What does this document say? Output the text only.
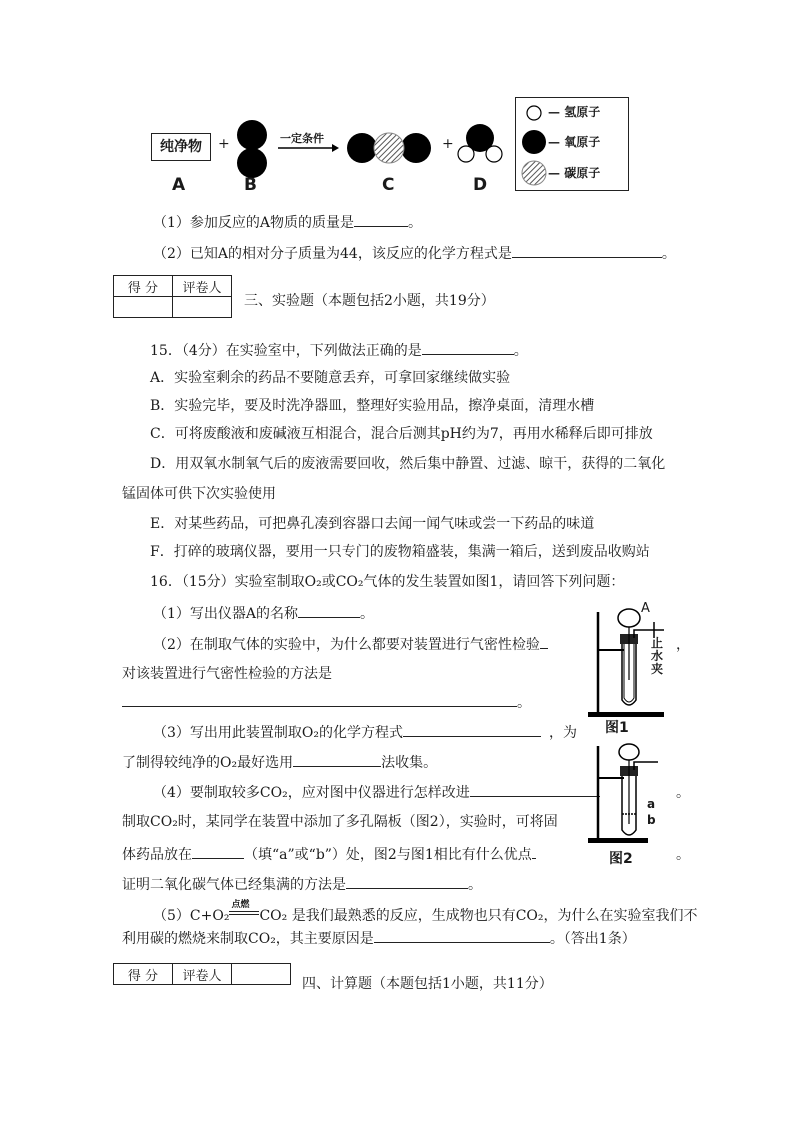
纯净物	+	一定条件	+
A	B	C	D
— 氢原子
— 氧原子
— 碳原子
（1）参加反应的A物质的质量是	。
（2）已知A的相对分子质量为44，该反应的化学方程式是	。
得 分	评卷人

三、实验题（本题包括2小题，共19分）
15．（4分）在实验室中，下列做法正确的是	。
A．实验室剩余的药品不要随意丢弃，可拿回家继续做实验
B．实验完毕，要及时洗净器皿，整理好实验用品，擦净桌面，清理水槽
C．可将废酸液和废碱液互相混合，混合后测其pH约为7，再用水稀释后即可排放
D．用双氧水制氧气后的废液需要回收，然后集中静置、过滤、晾干，获得的二氧化
锰固体可供下次实验使用
E．对某些药品，可把鼻孔凑到容器口去闻一闻气味或尝一下药品的味道
F．打碎的玻璃仪器，要用一只专门的废物箱盛装，集满一箱后，送到废品收购站
16．（15分）实验室制取O₂或CO₂气体的发生装置如图1，请回答下列问题：
（1）写出仪器A的名称	。
（2）在制取气体的实验中，为什么都要对装置进行气密性检验	，
对该装置进行气密性检验的方法是
。
（3）写出用此装置制取O₂的化学方程式	，为
了制得较纯净的O₂最好选用	法收集。
（4）要制取较多CO₂，应对图中仪器进行怎样改进	。
制取CO₂时，某同学在装置中添加了多孔隔板（图2），实验时，可将固
体药品放在	（填“a”或“b”）处，图2与图1相比有什么优点	。
证明二氧化碳气体已经集满的方法是	。
（5）C+O₂
点燃
CO₂ 是我们最熟悉的反应，生成物也只有CO₂，为什么在实验室我们不
利用碳的燃烧来制取CO₂，其主要原因是	。（答出1条）
A
止
水
夹
图1
a
b
图2
得 分	评卷人		四、计算题（本题包括1小题，共11分）
